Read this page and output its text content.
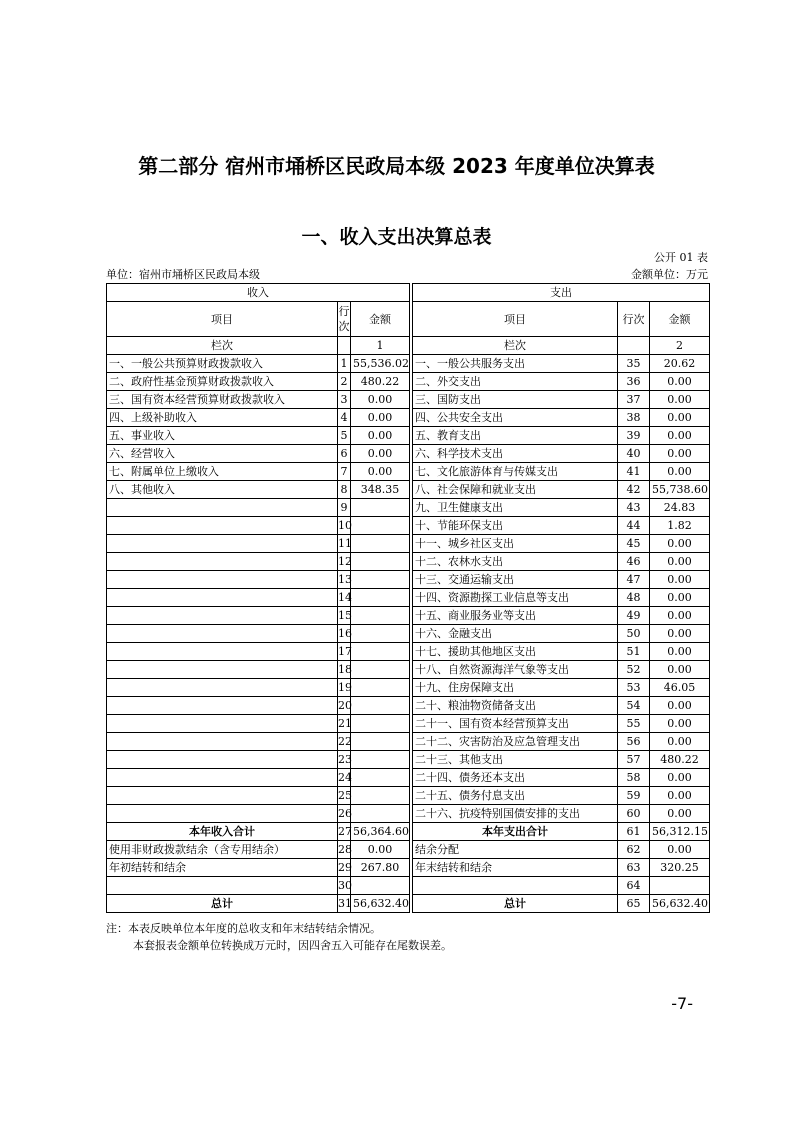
第二部分 宿州市埇桥区民政局本级 2023 年度单位决算表
一、收入支出决算总表
公开 01 表
单位：宿州市埇桥区民政局本级	金额单位：万元
收入				支出		
项目	行次	金额		项目	行次	金额
栏次		1		栏次		2
一、一般公共预算财政拨款收入	1	55,536.02		一、一般公共服务支出	35	20.62
二、政府性基金预算财政拨款收入	2	480.22		二、外交支出	36	0.00
三、国有资本经营预算财政拨款收入	3	0.00		三、国防支出	37	0.00
四、上级补助收入	4	0.00		四、公共安全支出	38	0.00
五、事业收入	5	0.00		五、教育支出	39	0.00
六、经营收入	6	0.00		六、科学技术支出	40	0.00
七、附属单位上缴收入	7	0.00		七、文化旅游体育与传媒支出	41	0.00
八、其他收入	8	348.35		八、社会保障和就业支出	42	55,738.60
	9			九、卫生健康支出	43	24.83
	10			十、节能环保支出	44	1.82
	11			十一、城乡社区支出	45	0.00
	12			十二、农林水支出	46	0.00
	13			十三、交通运输支出	47	0.00
	14			十四、资源勘探工业信息等支出	48	0.00
	15			十五、商业服务业等支出	49	0.00
	16			十六、金融支出	50	0.00
	17			十七、援助其他地区支出	51	0.00
	18			十八、自然资源海洋气象等支出	52	0.00
	19			十九、住房保障支出	53	46.05
	20			二十、粮油物资储备支出	54	0.00
	21			二十一、国有资本经营预算支出	55	0.00
	22			二十二、灾害防治及应急管理支出	56	0.00
	23			二十三、其他支出	57	480.22
	24			二十四、债务还本支出	58	0.00
	25			二十五、债务付息支出	59	0.00
	26			二十六、抗疫特别国债安排的支出	60	0.00
本年收入合计	27	56,364.60		本年支出合计	61	56,312.15
使用非财政拨款结余（含专用结余）	28	0.00		结余分配	62	0.00
年初结转和结余	29	267.80		年末结转和结余	63	320.25
	30				64	
总计	31	56,632.40		总计	65	56,632.40
注：本表反映单位本年度的总收支和年末结转结余情况。
本套报表金额单位转换成万元时，因四舍五入可能存在尾数误差。
-7-
